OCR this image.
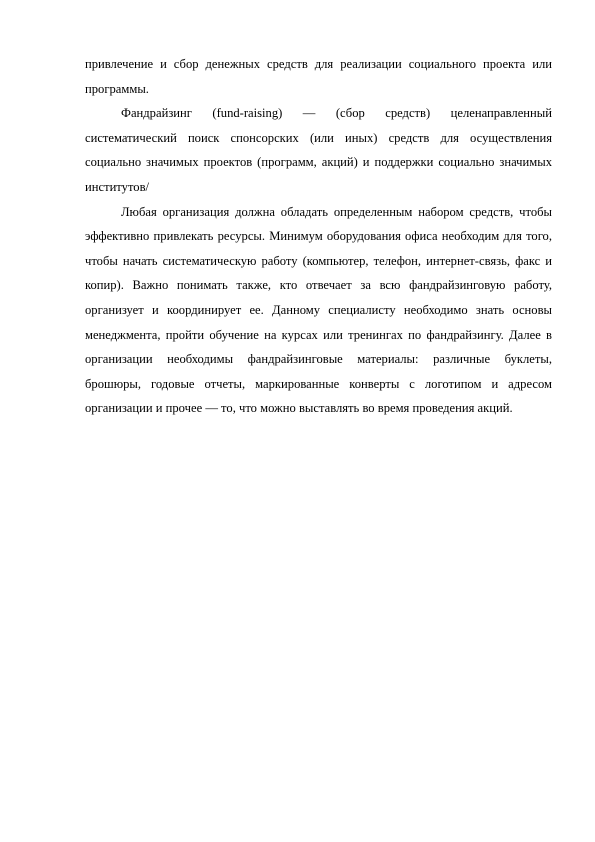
привлечение и сбор денежных средств для реализации социального проекта или программы.

Фандрайзинг (fund-raising) — (сбор средств) целенаправленный систематический поиск спонсорских (или иных) средств для осуществления социально значимых проектов (программ, акций) и поддержки социально значимых институтов/

Любая организация должна обладать определенным набором средств, чтобы эффективно привлекать ресурсы. Минимум оборудования офиса необходим для того, чтобы начать систематическую работу (компьютер, телефон, интернет-связь, факс и копир). Важно понимать также, кто отвечает за всю фандрайзинговую работу, организует и координирует ее. Данному специалисту необходимо знать основы менеджмента, пройти обучение на курсах или тренингах по фандрайзингу. Далее в организации необходимы фандрайзинговые материалы: различные буклеты, брошюры, годовые отчеты, маркированные конверты с логотипом и адресом организации и прочее — то, что можно выставлять во время проведения акций.
